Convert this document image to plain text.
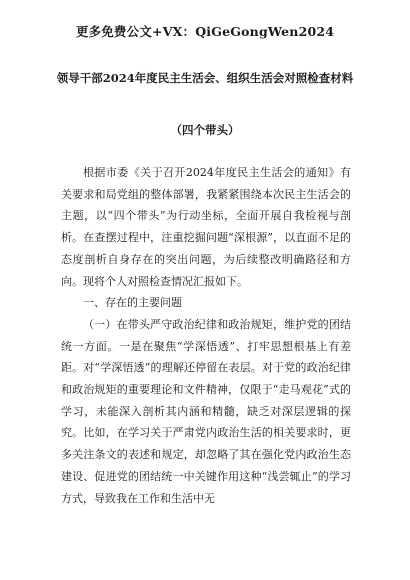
更多免费公文+VX：QiGeGongWen2024
领导干部2024年度民主生活会、组织生活会对照检查材料
（四个带头）

根据市委《关于召开2024年度民主生活会的通知》有关要求和局党组的整体部署，我紧紧围绕本次民主生活会的主题，以“四个带头”为行动坐标，全面开展自我检视与剖析。在查摆过程中，注重挖掘问题“深根源”，以直面不足的态度剖析自身存在的突出问题，为后续整改明确路径和方向。现将个人对照检查情况汇报如下。

一、存在的主要问题

（一）在带头严守政治纪律和政治规矩，维护党的团结统一方面。一是在聚焦“学深悟透”、打牢思想根基上有差距。对“学深悟透”的理解还停留在表层。对于党的政治纪律和政治规矩的重要理论和文件精神，仅限于“走马观花”式的学习，未能深入剖析其内涵和精髓，缺乏对深层逻辑的探究。比如，在学习关于严肃党内政治生活的相关要求时，更多关注条文的表述和规定，却忽略了其在强化党内政治生态建设、促进党的团结统一中关键作用这种“浅尝辄止”的学习方式，导致我在工作和生活中无
